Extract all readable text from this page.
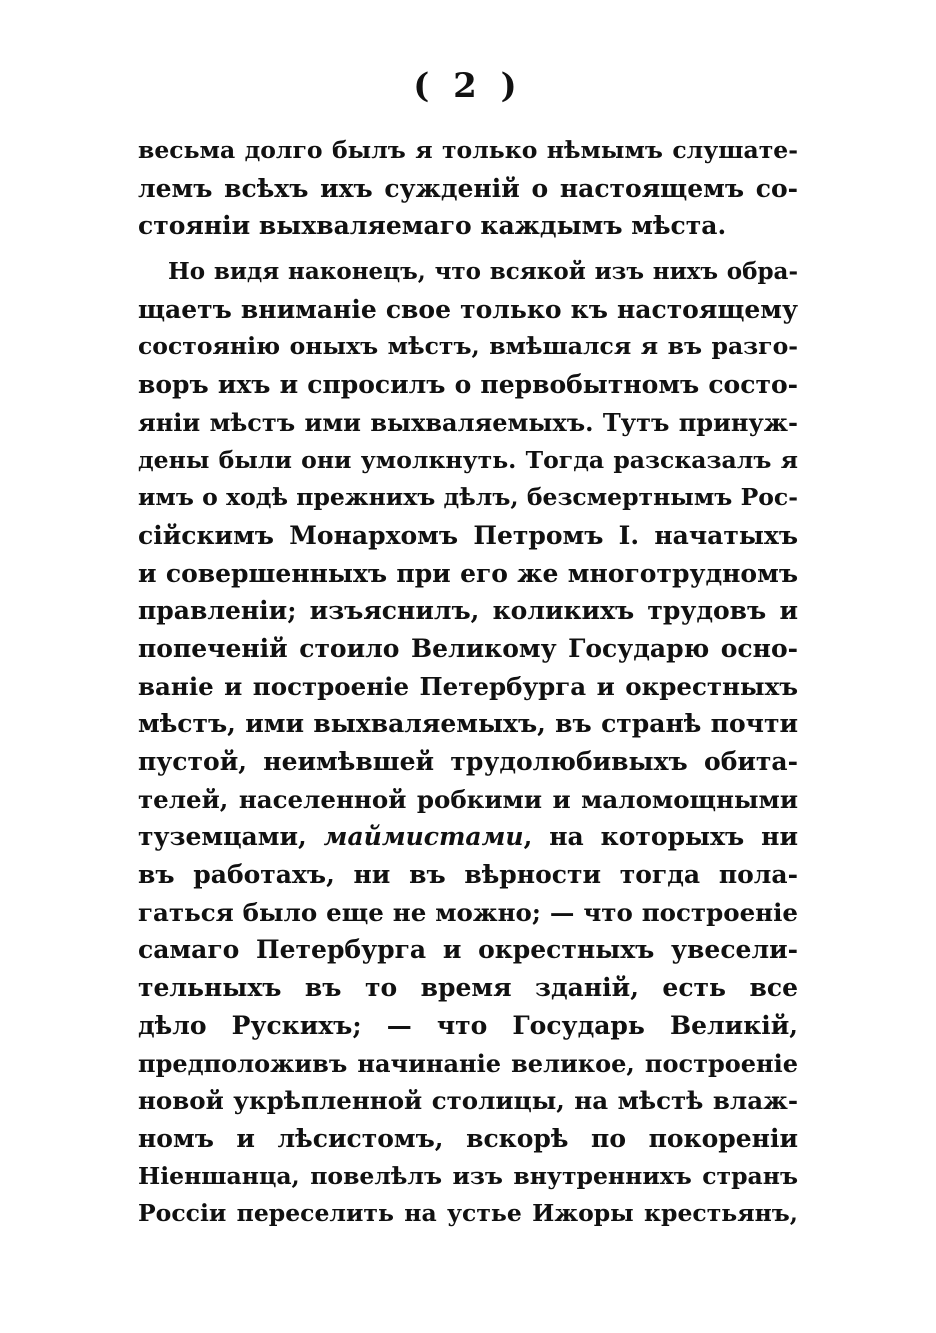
( 2 )
весьма долго былъ я только нѣмымъ слушате-
лемъ всѣхъ ихъ сужденій о настоящемъ со-
стояніи выхваляемаго каждымъ мѣста.
Но видя наконецъ, что всякой изъ нихъ обра-
щаетъ вниманіе свое только къ настоящему
состоянію оныхъ мѣстъ, вмѣшался я въ разго-
воръ ихъ и спросилъ о первобытномъ состо-
яніи мѣстъ ими выхваляемыхъ. Тутъ принуж-
дены были они умолкнуть. Тогда разсказалъ я
имъ о ходѣ прежнихъ дѣлъ, безсмертнымъ Рос-
сійскимъ Монархомъ Петромъ I. начатыхъ
и совершенныхъ при его же многотрудномъ
правленіи; изъяснилъ, коликихъ трудовъ и
попеченій стоило Великому Государю осно-
ваніе и построеніе Петербурга и окрестныхъ
мѣстъ, ими выхваляемыхъ, въ странѣ почти
пустой, неимѣвшей трудолюбивыхъ обита-
телей, населенной робкими и маломощными
туземцами, маймистами, на которыхъ ни
въ работахъ, ни въ вѣрности тогда пола-
гаться было еще не можно; — что построеніе
самаго Петербурга и окрестныхъ увесели-
тельныхъ въ то время зданій, есть все
дѣло Рускихъ; — что Государь Великій,
предположивъ начинаніе великое, построеніе
новой укрѣпленной столицы, на мѣстѣ влаж-
номъ и лѣсистомъ, вскорѣ по покореніи
Ніеншанца, повелѣлъ изъ внутреннихъ странъ
Россіи переселить на устье Ижоры крестьянъ,
